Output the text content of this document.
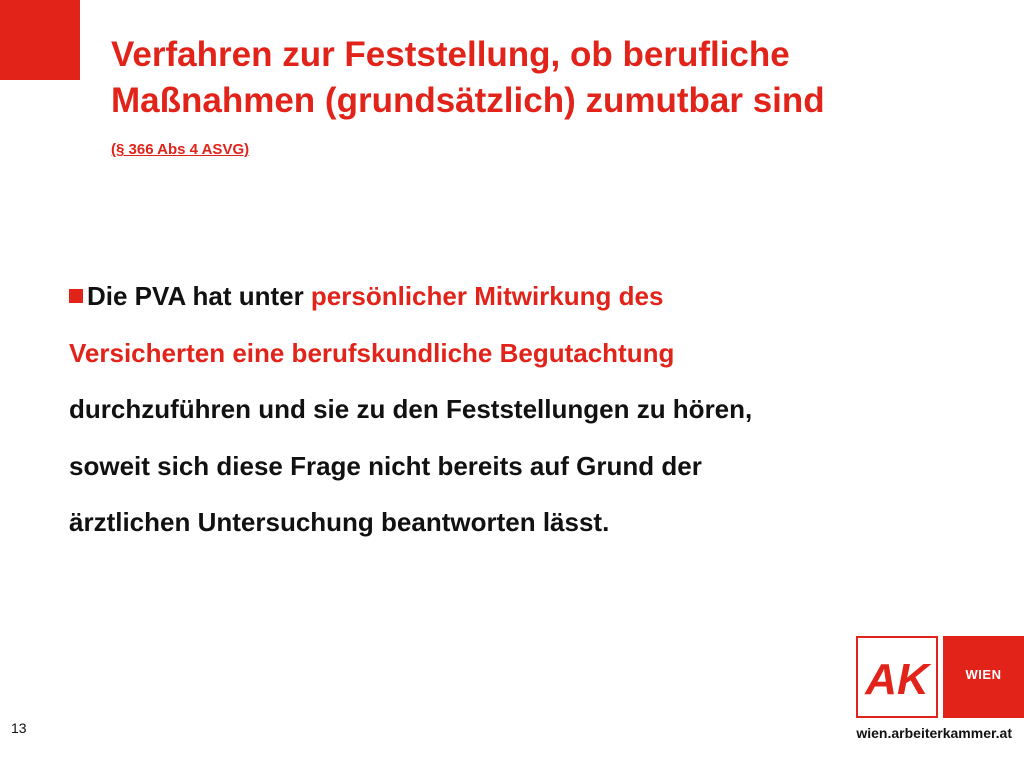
Verfahren zur Feststellung, ob berufliche
Maßnahmen (grundsätzlich) zumutbar sind

(§ 366 Abs 4 ASVG)

Die PVA hat unter persönlicher Mitwirkung des
Versicherten eine berufskundliche Begutachtung
durchzuführen und sie zu den Feststellungen zu hören,
soweit sich diese Frage nicht bereits auf Grund der
ärztlichen Untersuchung beantworten lässt.
13
AK	WIEN
wien.arbeiterkammer.at
